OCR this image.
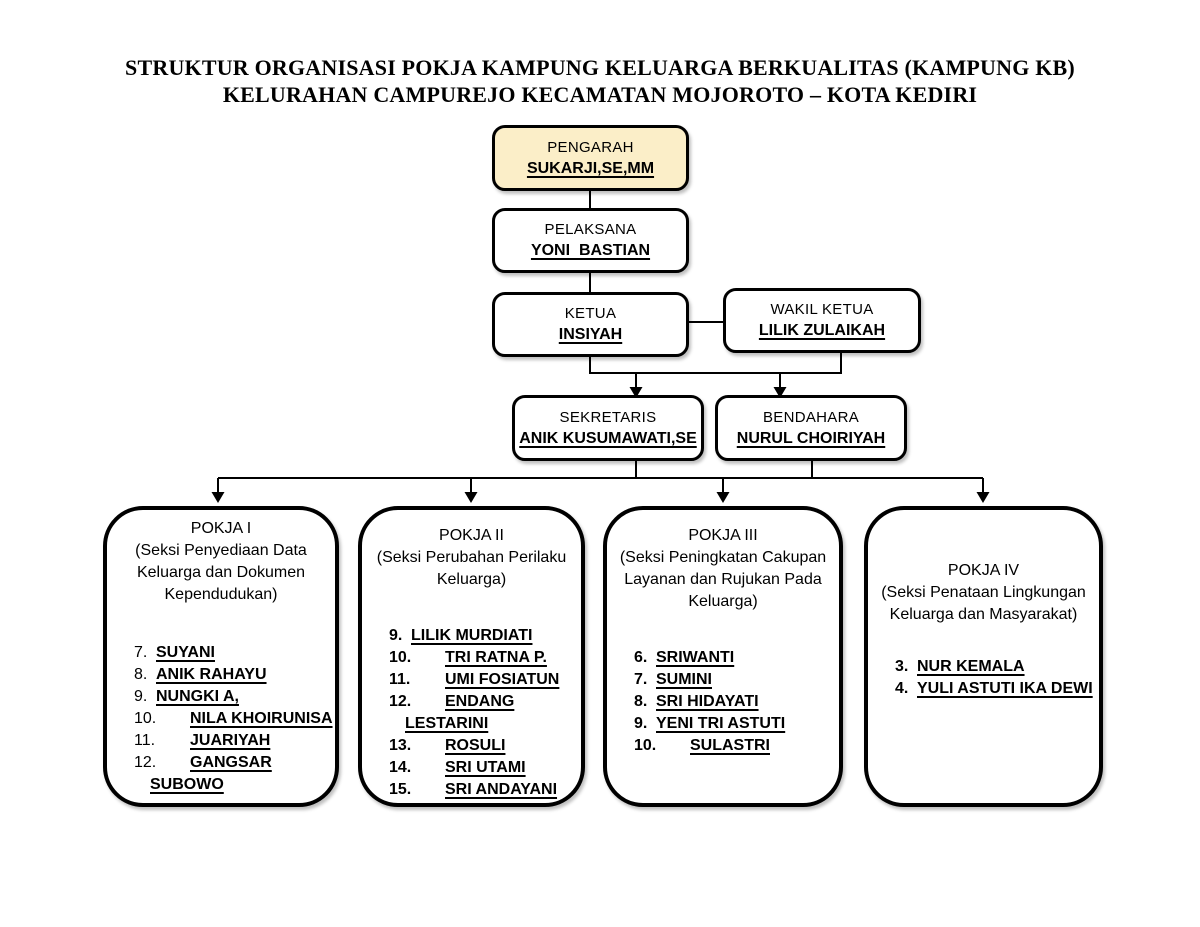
STRUKTUR ORGANISASI POKJA KAMPUNG KELUARGA BERKUALITAS (KAMPUNG KB)
KELURAHAN CAMPUREJO KECAMATAN MOJOROTO – KOTA KEDIRI
PENGARAH
SUKARJI,SE,MM
PELAKSANA
YONI  BASTIAN
KETUA
INSIYAH
WAKIL KETUA
LILIK ZULAIKAH
SEKRETARIS
ANIK KUSUMAWATI,SE
BENDAHARA
NURUL CHOIRIYAH
POKJA I
(Seksi Penyediaan Data Keluarga dan Dokumen Kependudukan)
7. SUYANI
8. ANIK RAHAYU
9. NUNGKI A,
10. NILA KHOIRUNISA
11. JUARIYAH
12. GANGSAR
SUBOWO
POKJA II
(Seksi Perubahan Perilaku Keluarga)
9. LILIK MURDIATI
10. TRI RATNA P.
11. UMI FOSIATUN
12. ENDANG
LESTARINI
13. ROSULI
14. SRI UTAMI
15. SRI ANDAYANI
POKJA III
(Seksi Peningkatan Cakupan Layanan dan Rujukan Pada Keluarga)
6. SRIWANTI
7. SUMINI
8. SRI HIDAYATI
9. YENI TRI ASTUTI
10. SULASTRI
POKJA IV
(Seksi Penataan Lingkungan Keluarga dan Masyarakat)
3. NUR KEMALA
4. YULI ASTUTI IKA DEWI
